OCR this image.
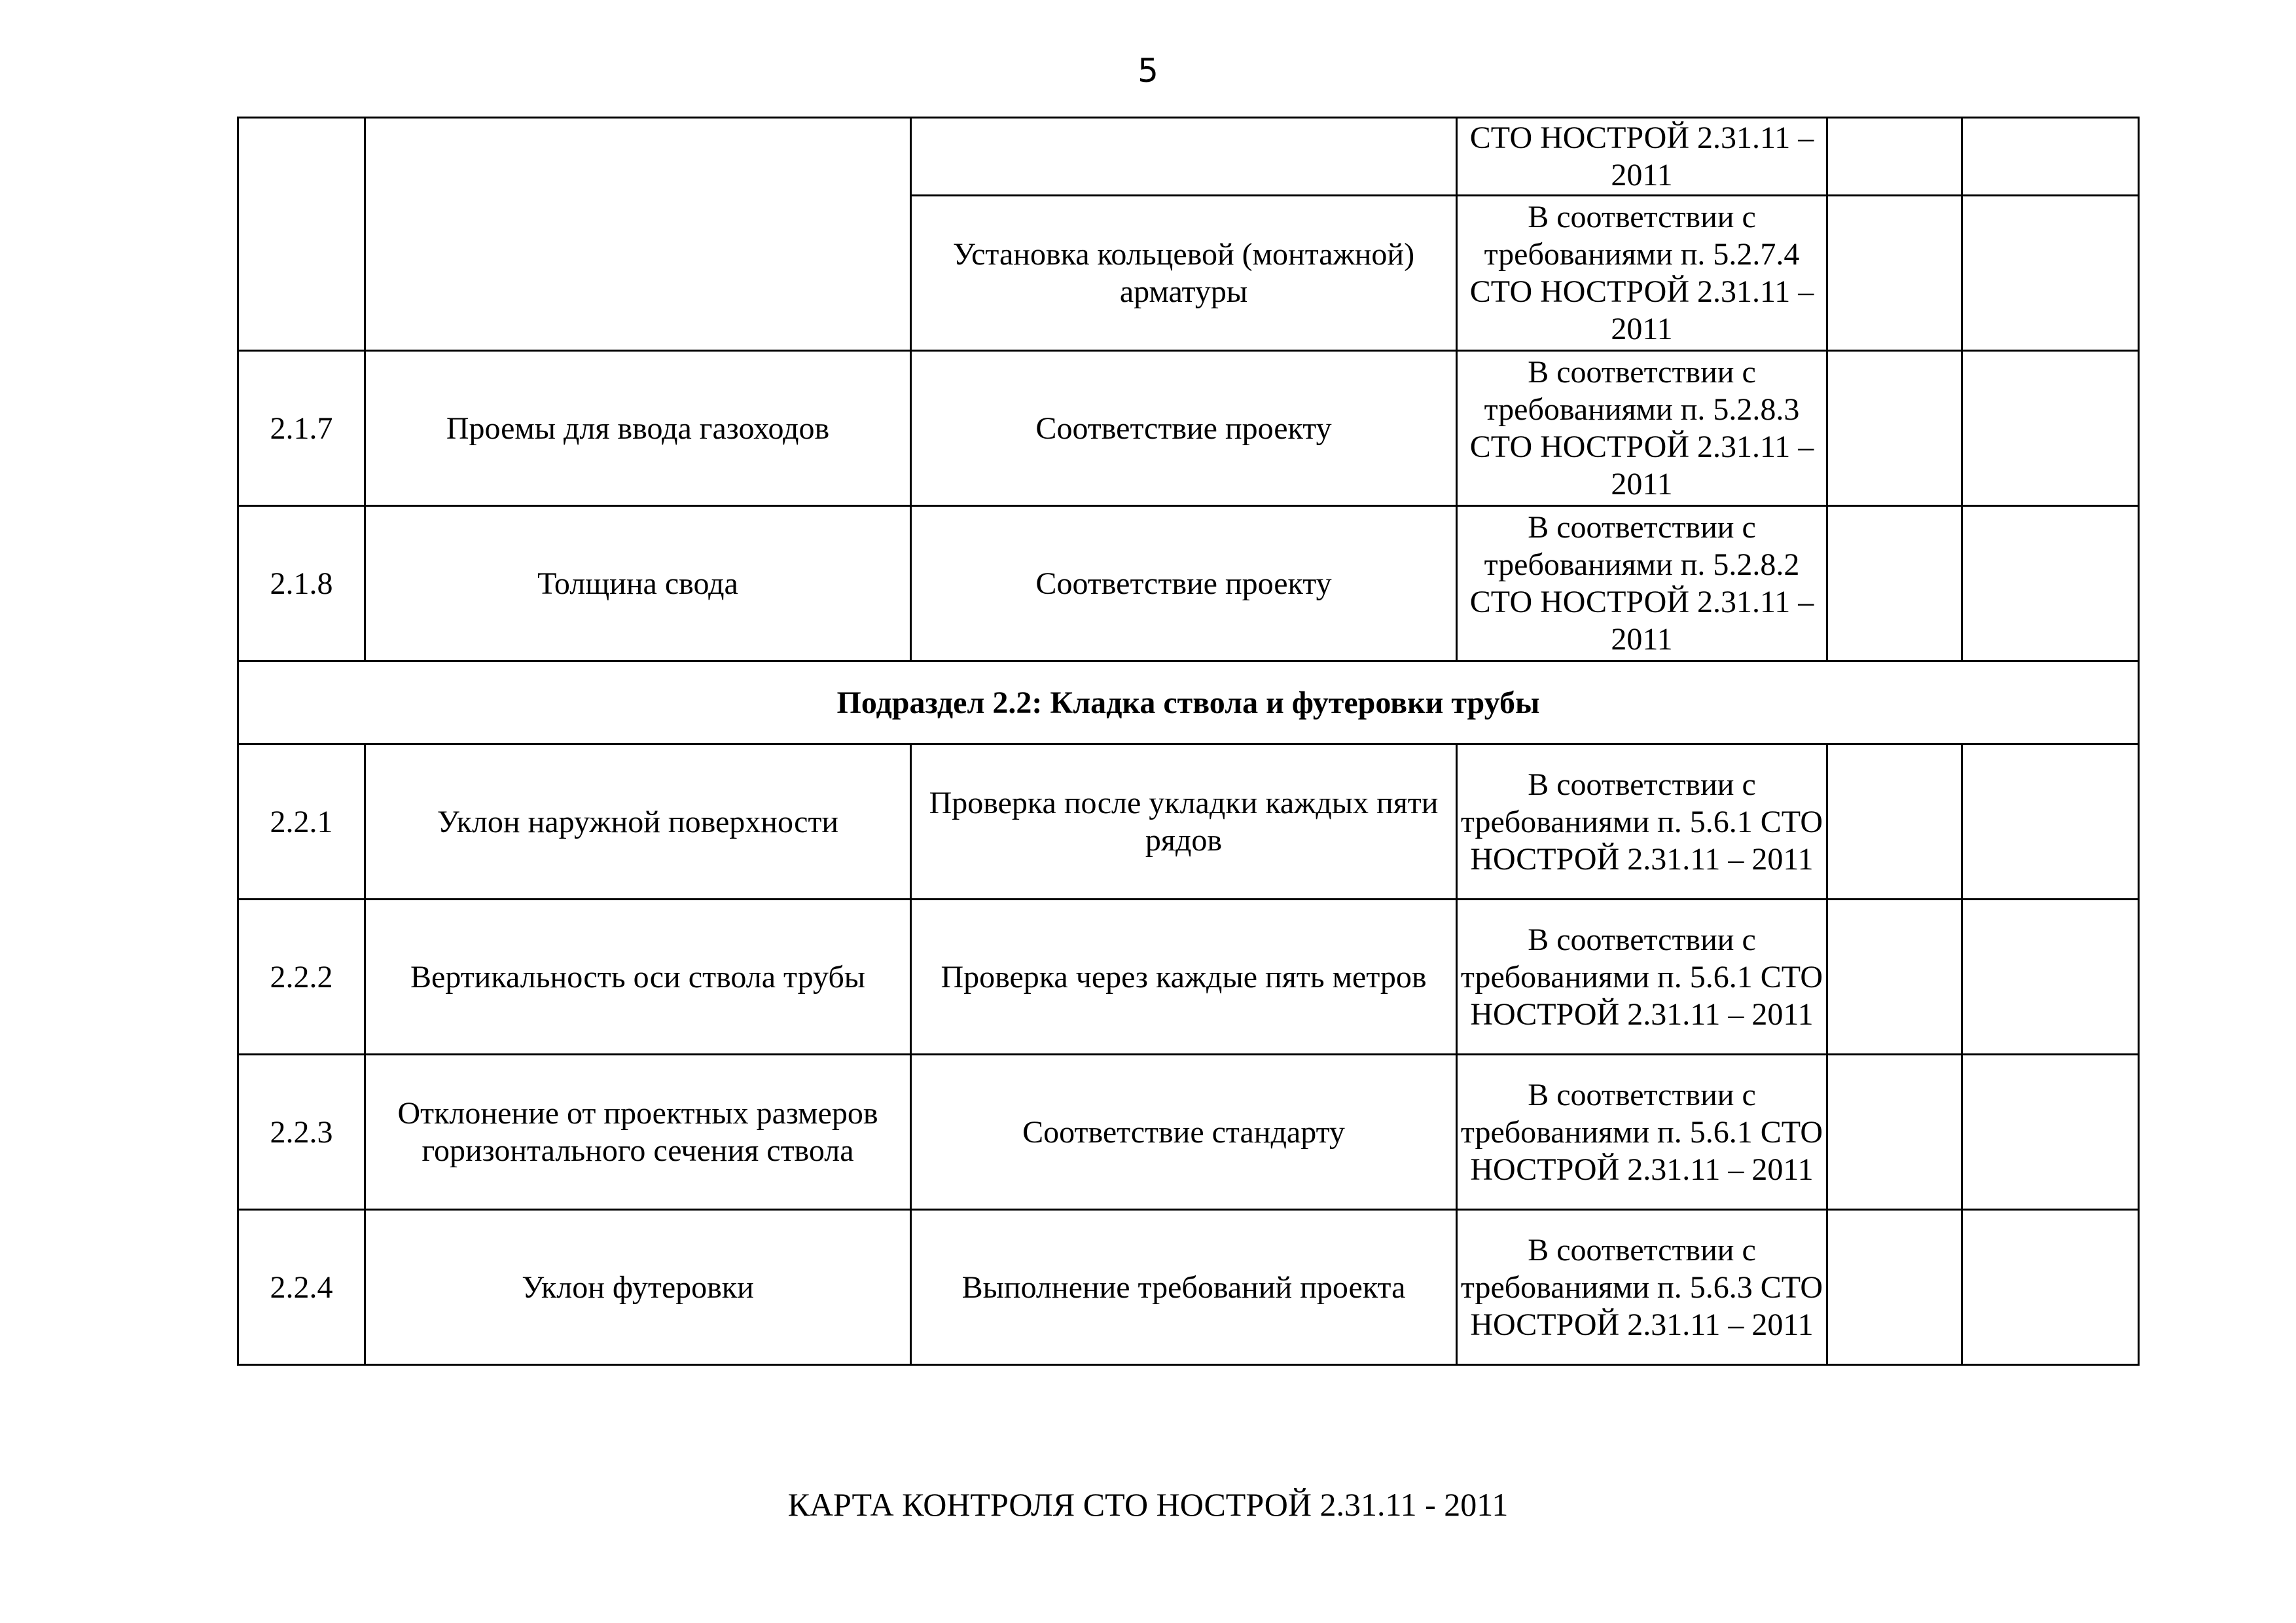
5
			СТО НОСТРОЙ 2.31.11 – 2011		
		Установка кольцевой (монтажной) арматуры	В соответствии с требованиями п. 5.2.7.4 СТО НОСТРОЙ 2.31.11 – 2011		
2.1.7	Проемы для ввода газоходов	Соответствие проекту	В соответствии с требованиями п. 5.2.8.3 СТО НОСТРОЙ 2.31.11 – 2011		
2.1.8	Толщина свода	Соответствие проекту	В соответствии с требованиями п. 5.2.8.2 СТО НОСТРОЙ 2.31.11 – 2011		
Подраздел 2.2: Кладка ствола и футеровки трубы					
2.2.1	Уклон наружной поверхности	Проверка после укладки каждых пяти рядов	В соответствии с требованиями п. 5.6.1 СТО НОСТРОЙ 2.31.11 – 2011		
2.2.2	Вертикальность оси ствола трубы	Проверка через каждые пять метров	В соответствии с требованиями п. 5.6.1 СТО НОСТРОЙ 2.31.11 – 2011		
2.2.3	Отклонение от проектных размеров горизонтального сечения ствола	Соответствие стандарту	В соответствии с требованиями п. 5.6.1 СТО НОСТРОЙ 2.31.11 – 2011		
2.2.4	Уклон футеровки	Выполнение требований проекта	В соответствии с требованиями п. 5.6.3 СТО НОСТРОЙ 2.31.11 – 2011		
КАРТА КОНТРОЛЯ СТО НОСТРОЙ 2.31.11 - 2011
